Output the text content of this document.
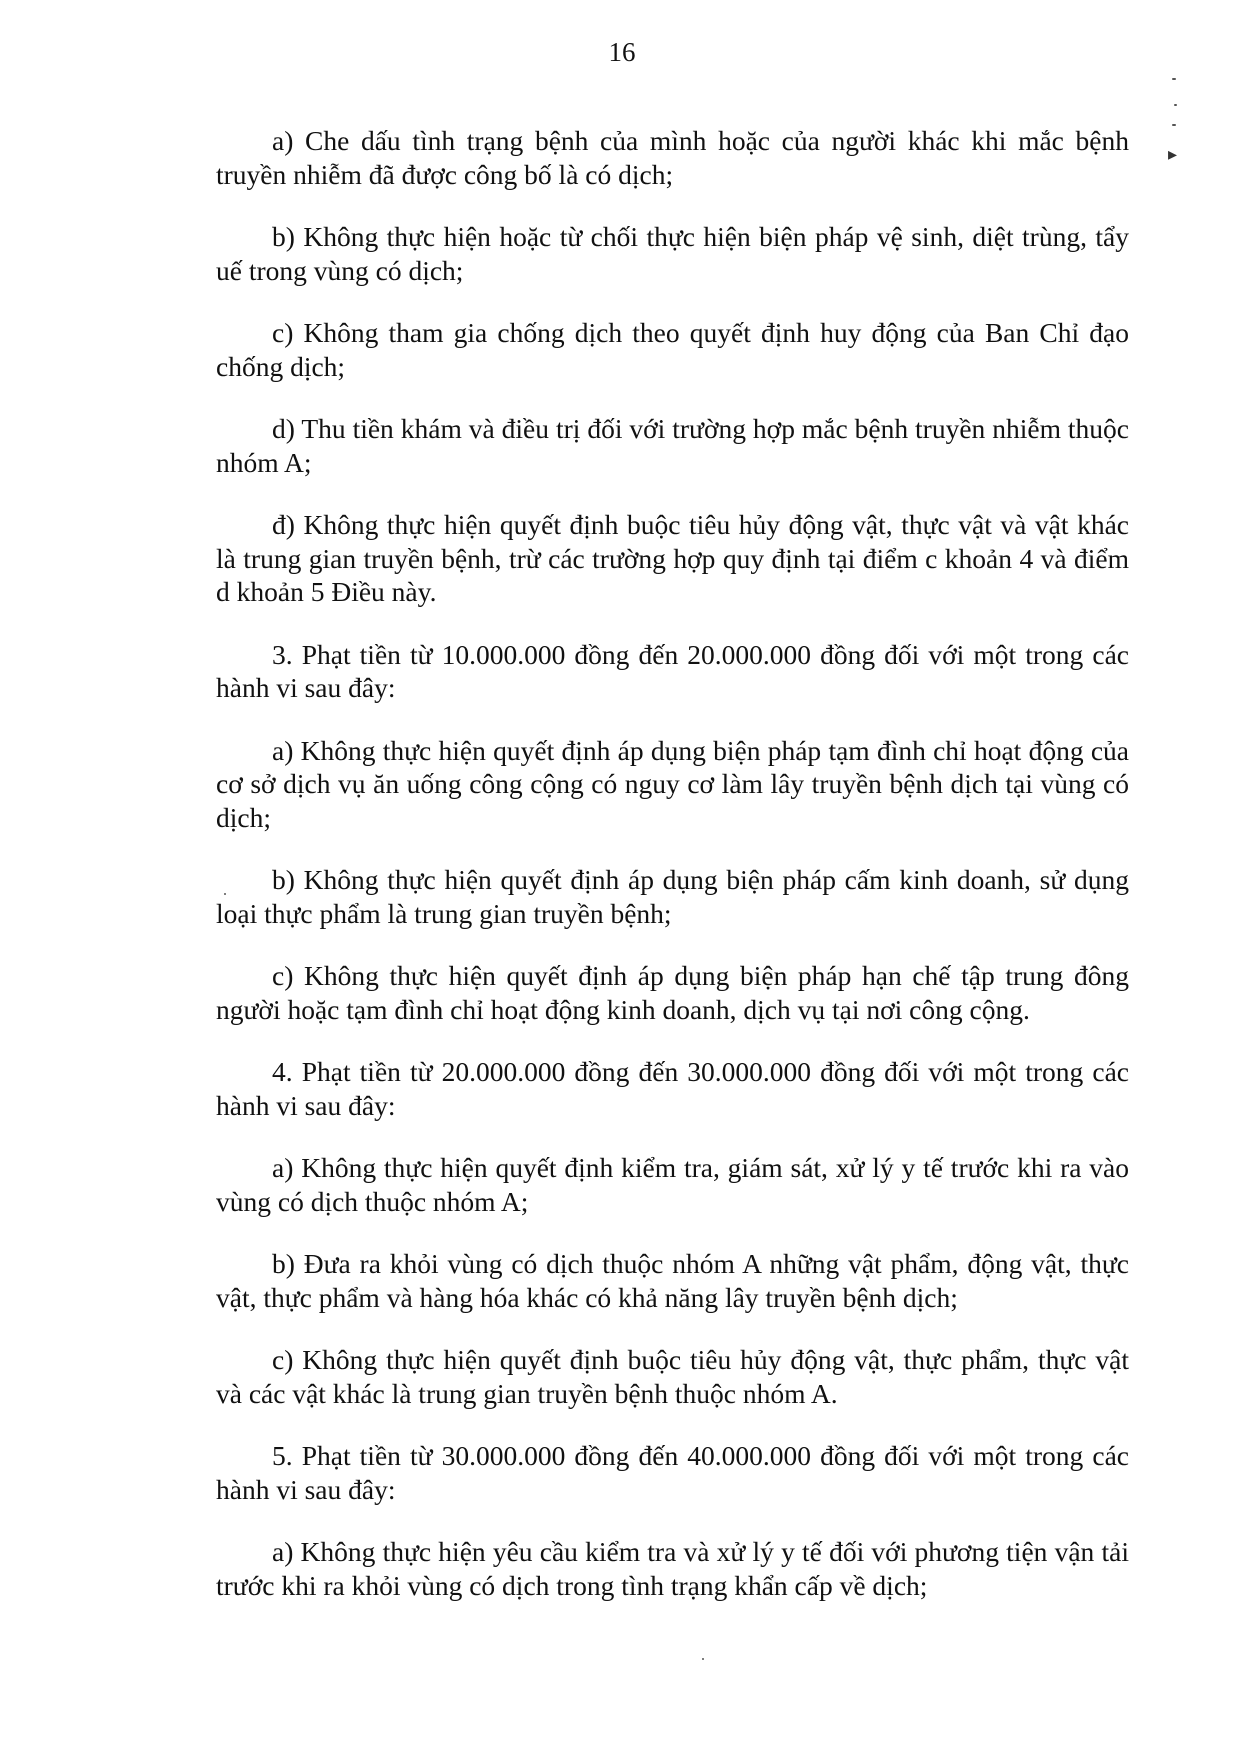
16

a) Che dấu tình trạng bệnh của mình hoặc của người khác khi mắc bệnh truyền nhiễm đã được công bố là có dịch;

b) Không thực hiện hoặc từ chối thực hiện biện pháp vệ sinh, diệt trùng, tẩy uế trong vùng có dịch;

c) Không tham gia chống dịch theo quyết định huy động của Ban Chỉ đạo chống dịch;

d) Thu tiền khám và điều trị đối với trường hợp mắc bệnh truyền nhiễm thuộc nhóm A;

đ) Không thực hiện quyết định buộc tiêu hủy động vật, thực vật và vật khác là trung gian truyền bệnh, trừ các trường hợp quy định tại điểm c khoản 4 và điểm d khoản 5 Điều này.

3. Phạt tiền từ 10.000.000 đồng đến 20.000.000 đồng đối với một trong các hành vi sau đây:

a) Không thực hiện quyết định áp dụng biện pháp tạm đình chỉ hoạt động của cơ sở dịch vụ ăn uống công cộng có nguy cơ làm lây truyền bệnh dịch tại vùng có dịch;

b) Không thực hiện quyết định áp dụng biện pháp cấm kinh doanh, sử dụng loại thực phẩm là trung gian truyền bệnh;

c) Không thực hiện quyết định áp dụng biện pháp hạn chế tập trung đông người hoặc tạm đình chỉ hoạt động kinh doanh, dịch vụ tại nơi công cộng.

4. Phạt tiền từ 20.000.000 đồng đến 30.000.000 đồng đối với một trong các hành vi sau đây:

a) Không thực hiện quyết định kiểm tra, giám sát, xử lý y tế trước khi ra vào vùng có dịch thuộc nhóm A;

b) Đưa ra khỏi vùng có dịch thuộc nhóm A những vật phẩm, động vật, thực vật, thực phẩm và hàng hóa khác có khả năng lây truyền bệnh dịch;

c) Không thực hiện quyết định buộc tiêu hủy động vật, thực phẩm, thực vật và các vật khác là trung gian truyền bệnh thuộc nhóm A.

5. Phạt tiền từ 30.000.000 đồng đến 40.000.000 đồng đối với một trong các hành vi sau đây:

a) Không thực hiện yêu cầu kiểm tra và xử lý y tế đối với phương tiện vận tải trước khi ra khỏi vùng có dịch trong tình trạng khẩn cấp về dịch;

▸
